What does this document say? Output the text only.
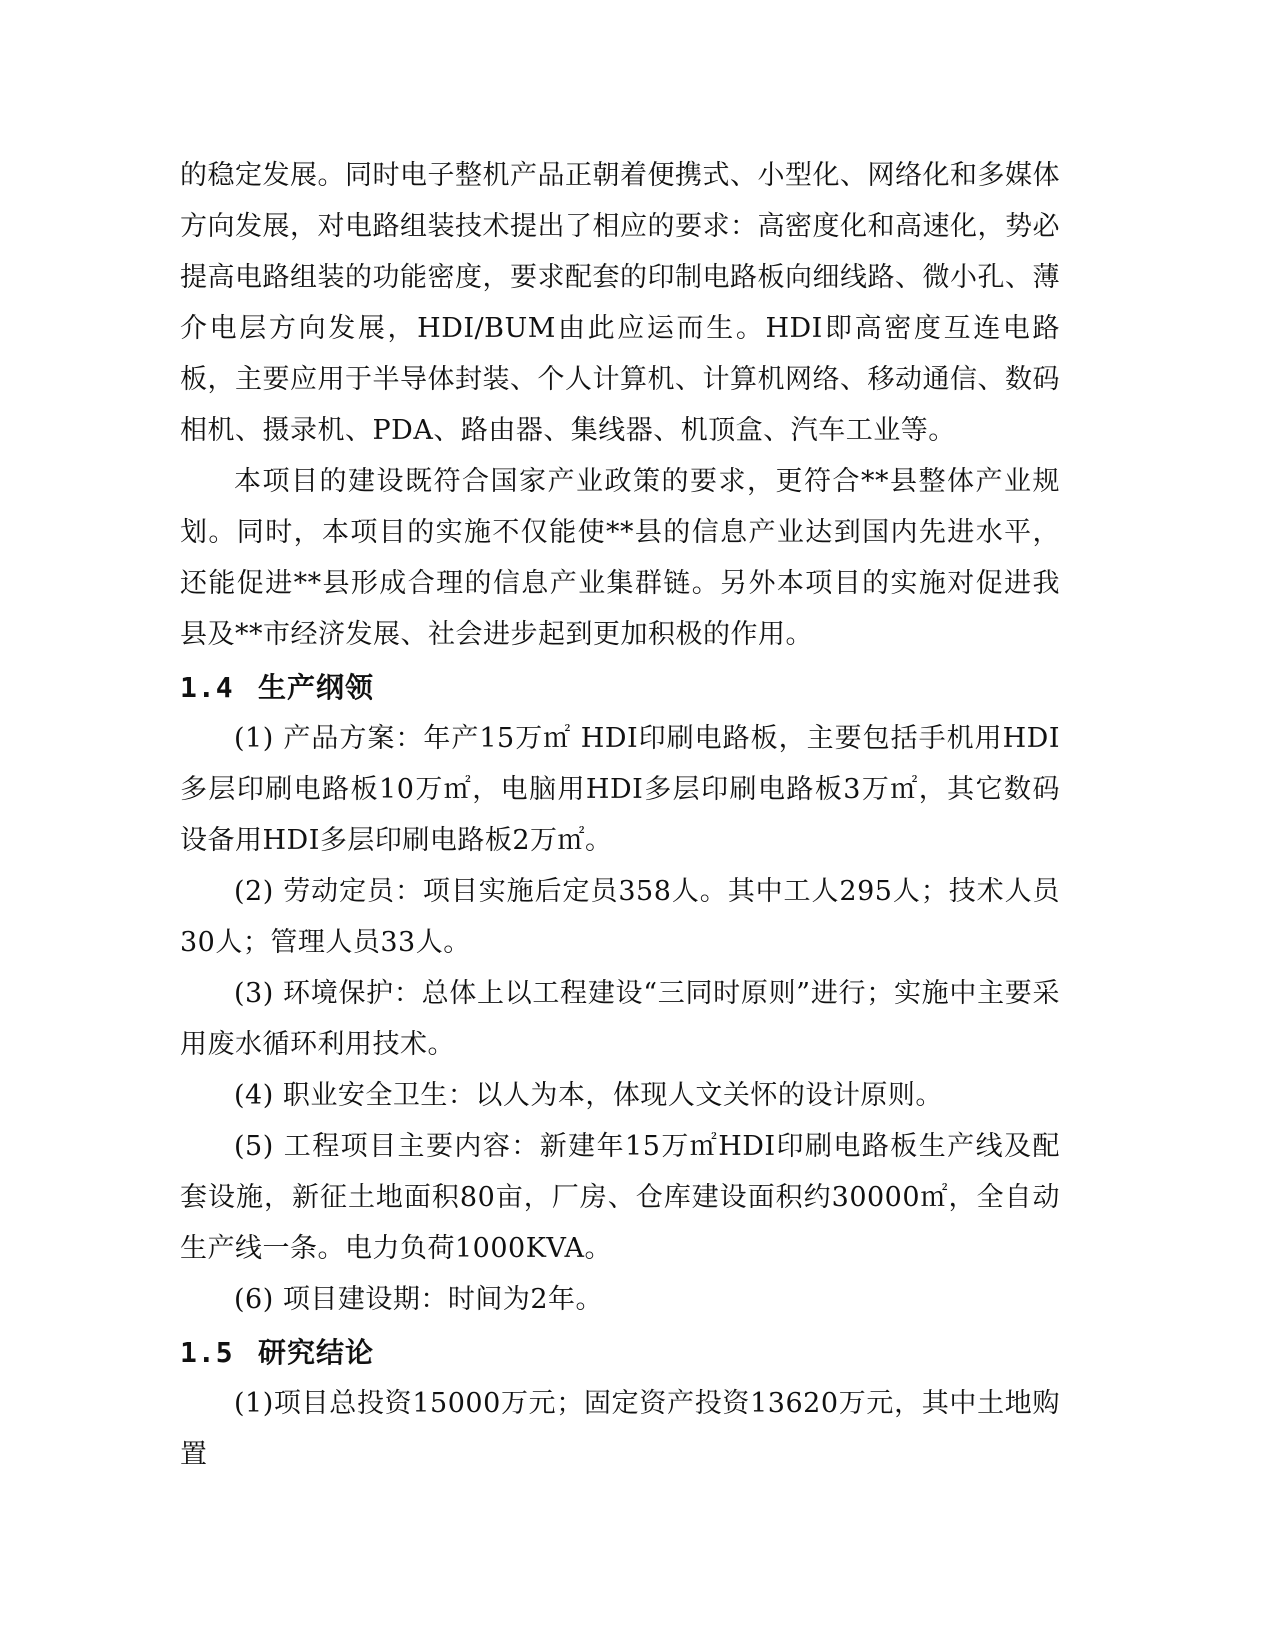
的稳定发展。同时电子整机产品正朝着便携式、小型化、网络化和多媒体方向发展，对电路组装技术提出了相应的要求：高密度化和高速化，势必提高电路组装的功能密度，要求配套的印制电路板向细线路、微小孔、薄介电层方向发展，HDI/BUM由此应运而生。HDI即高密度互连电路板，主要应用于半导体封装、个人计算机、计算机网络、移动通信、数码相机、摄录机、PDA、路由器、集线器、机顶盒、汽车工业等。

本项目的建设既符合国家产业政策的要求，更符合**县整体产业规划。同时，本项目的实施不仅能使**县的信息产业达到国内先进水平，还能促进**县形成合理的信息产业集群链。另外本项目的实施对促进我县及**市经济发展、社会进步起到更加积极的作用。

1.4 生产纲领

(1) 产品方案：年产15万㎡ HDI印刷电路板，主要包括手机用HDI多层印刷电路板10万㎡，电脑用HDI多层印刷电路板3万㎡，其它数码设备用HDI多层印刷电路板2万㎡。

(2) 劳动定员：项目实施后定员358人。其中工人295人；技术人员30人；管理人员33人。

(3) 环境保护：总体上以工程建设“三同时原则”进行；实施中主要采用废水循环利用技术。

(4) 职业安全卫生：以人为本，体现人文关怀的设计原则。

(5) 工程项目主要内容：新建年15万㎡HDI印刷电路板生产线及配套设施，新征土地面积80亩，厂房、仓库建设面积约30000㎡，全自动生产线一条。电力负荷1000KVA。

(6) 项目建设期：时间为2年。

1.5 研究结论

(1)项目总投资15000万元；固定资产投资13620万元，其中土地购置
